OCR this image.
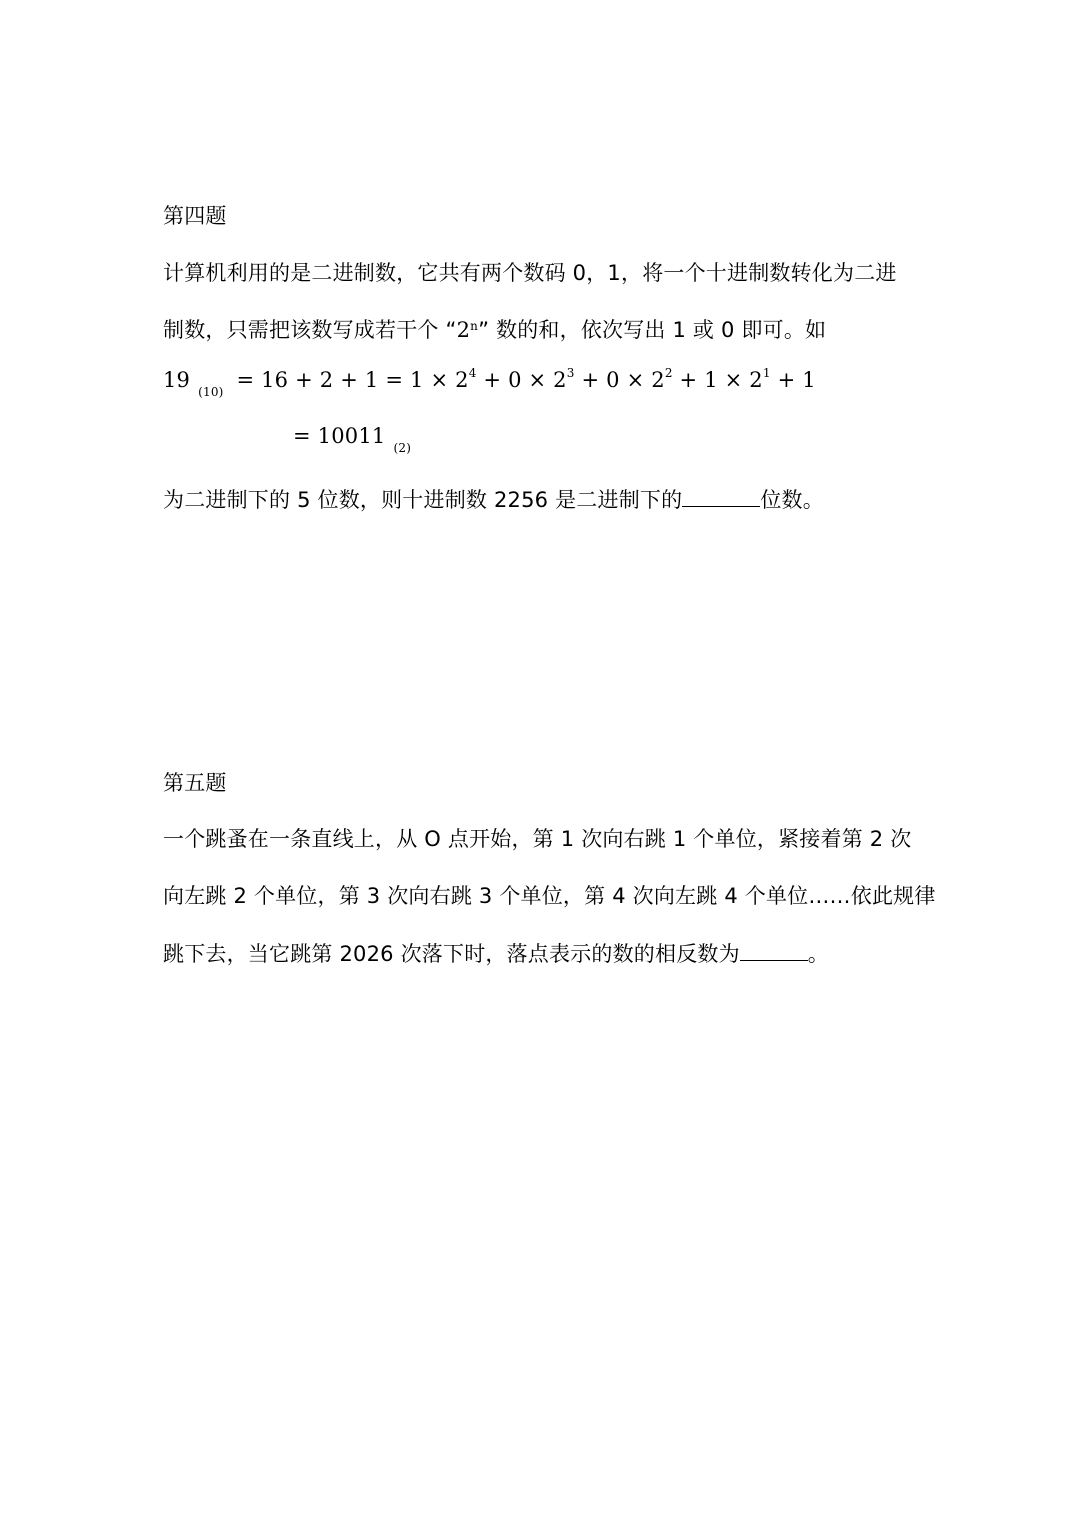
第四题
计算机利用的是二进制数，它共有两个数码 0，1，将一个十进制数转化为二进
制数，只需把该数写成若干个 “2$^n$” 数的和，依次写出 1 或 0 即可。如
19 $_{(10)} = 16 + 2 + 1 = 1 \times 2^4 + 0 \times 2^3 + 0 \times 2^2 + 1 \times 2^1 + 1$
= 10011 $_{(2)}$
为二进制下的 5 位数，则十进制数 2256 是二进制下的	位数。
第五题
一个跳蚤在一条直线上，从 O 点开始，第 1 次向右跳 1 个单位，紧接着第 2 次
向左跳 2 个单位，第 3 次向右跳 3 个单位，第 4 次向左跳 4 个单位……依此规律
跳下去，当它跳第 2026 次落下时，落点表示的数的相反数为	。
